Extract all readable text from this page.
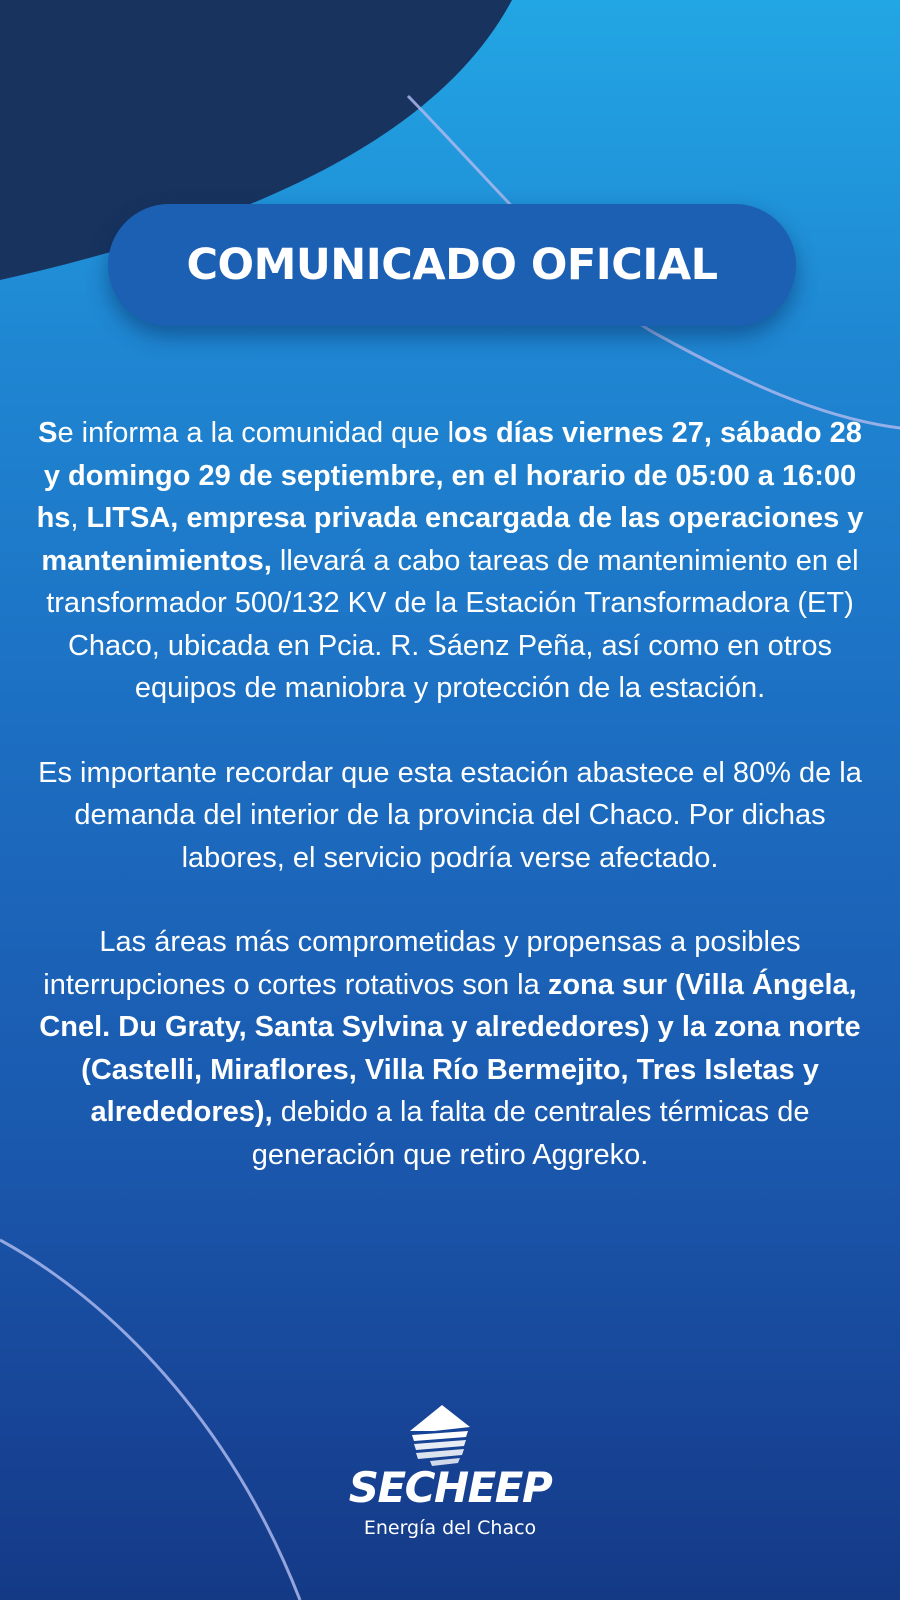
COMUNICADO OFICIAL

Se informa a la comunidad que los días viernes 27, sábado 28 y domingo 29 de septiembre, en el horario de 05:00 a 16:00 hs, LITSA, empresa privada encargada de las operaciones y mantenimientos, llevará a cabo tareas de mantenimiento en el transformador 500/132 KV de la Estación Transformadora (ET) Chaco, ubicada en Pcia. R. Sáenz Peña, así como en otros equipos de maniobra y protección de la estación.

Es importante recordar que esta estación abastece el 80% de la demanda del interior de la provincia del Chaco. Por dichas labores, el servicio podría verse afectado.

Las áreas más comprometidas y propensas a posibles interrupciones o cortes rotativos son la zona sur (Villa Ángela, Cnel. Du Graty, Santa Sylvina y alrededores) y la zona norte (Castelli, Miraflores, Villa Río Bermejito, Tres Isletas y alrededores), debido a la falta de centrales térmicas de generación que retiro Aggreko.

SECHEEP
Energía del Chaco
